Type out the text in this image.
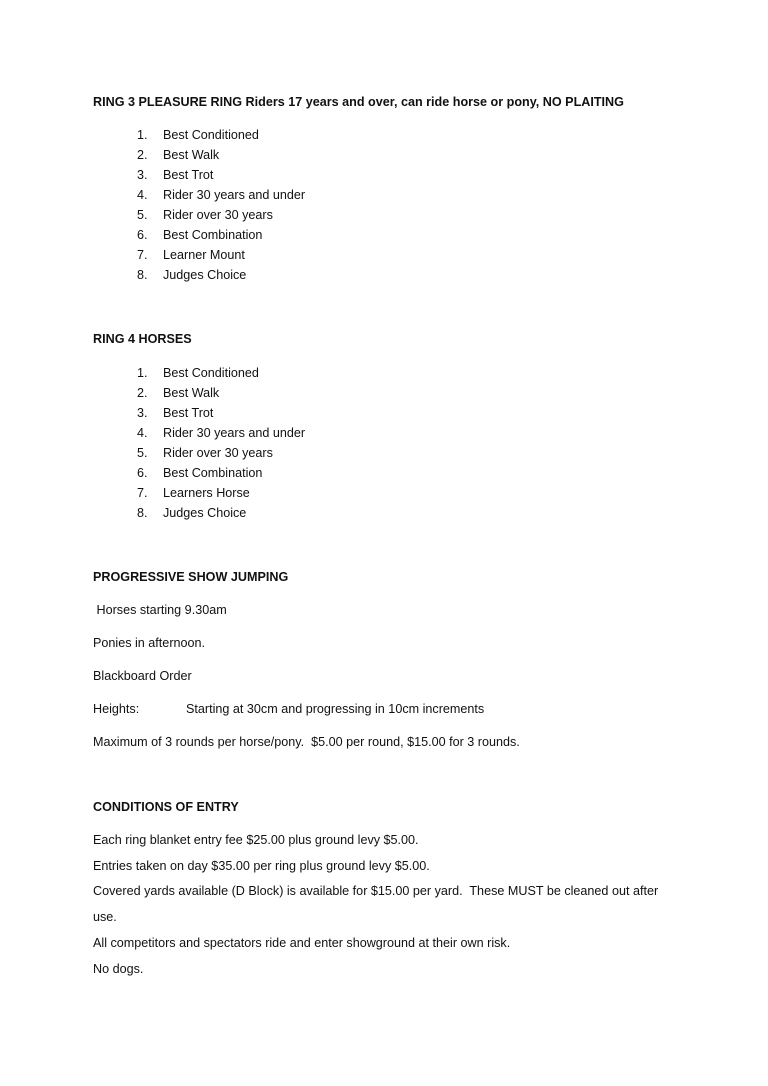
RING 3 PLEASURE RING Riders 17 years and over, can ride horse or pony, NO PLAITING
1.	Best Conditioned
2.	Best Walk
3.	Best Trot
4.	Rider 30 years and under
5.	Rider over 30 years
6.	Best Combination
7.	Learner Mount
8.	Judges Choice
RING 4 HORSES
1.	Best Conditioned
2.	Best Walk
3.	Best Trot
4.	Rider 30 years and under
5.	Rider over 30 years
6.	Best Combination
7.	Learners Horse
8.	Judges Choice
PROGRESSIVE SHOW JUMPING
Horses starting 9.30am
Ponies in afternoon.
Blackboard Order
Heights:	Starting at 30cm and progressing in 10cm increments
Maximum of 3 rounds per horse/pony.  $5.00 per round, $15.00 for 3 rounds.
CONDITIONS OF ENTRY
Each ring blanket entry fee $25.00 plus ground levy $5.00.
Entries taken on day $35.00 per ring plus ground levy $5.00.
Covered yards available (D Block) is available for $15.00 per yard.  These MUST be cleaned out after
use.
All competitors and spectators ride and enter showground at their own risk.
No dogs.
